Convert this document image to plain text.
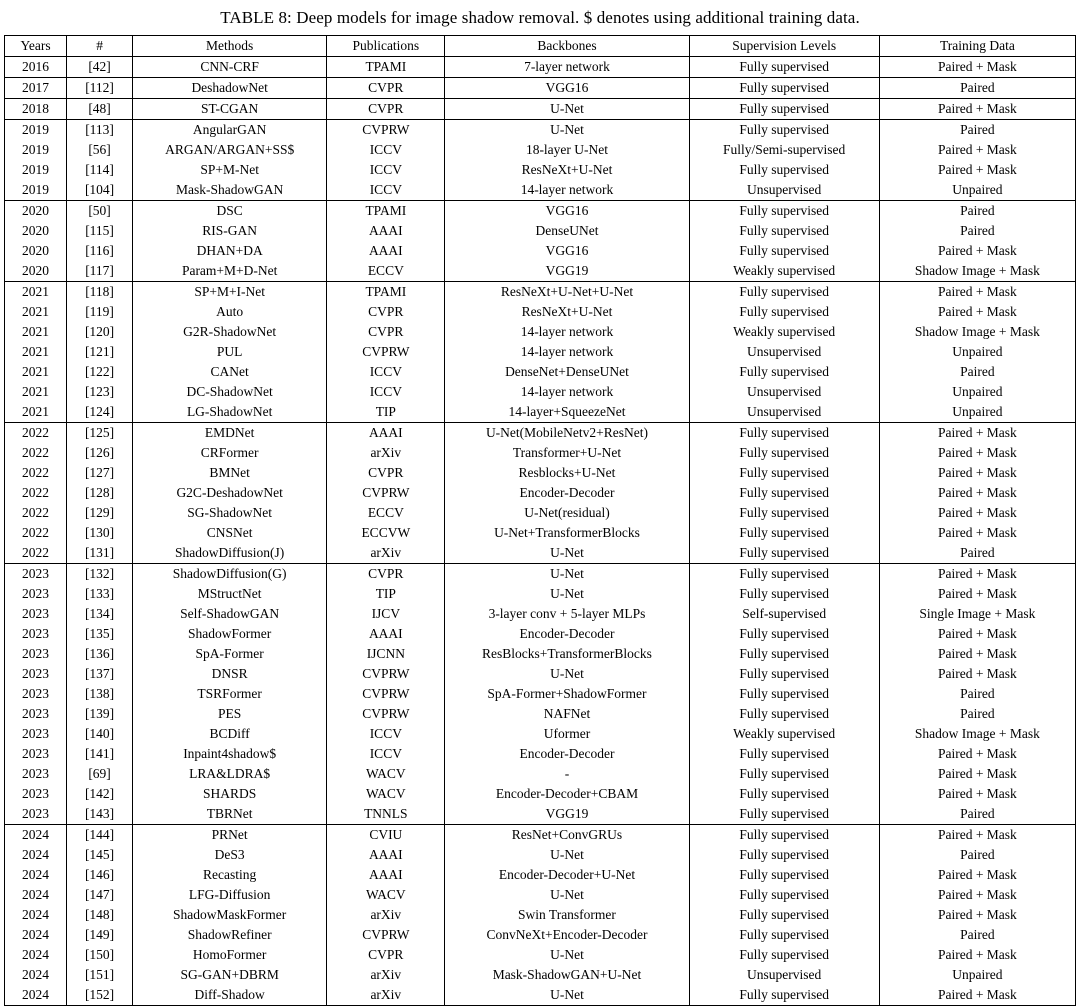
TABLE 8: Deep models for image shadow removal. $ denotes using additional training data.
Years	#	Methods	Publications	Backbones	Supervision Levels	Training Data
2016	[42]	CNN-CRF	TPAMI	7-layer network	Fully supervised	Paired + Mask
2017	[112]	DeshadowNet	CVPR	VGG16	Fully supervised	Paired
2018	[48]	ST-CGAN	CVPR	U-Net	Fully supervised	Paired + Mask
2019	[113]	AngularGAN	CVPRW	U-Net	Fully supervised	Paired
2019	[56]	ARGAN/ARGAN+SS$	ICCV	18-layer U-Net	Fully/Semi-supervised	Paired + Mask
2019	[114]	SP+M-Net	ICCV	ResNeXt+U-Net	Fully supervised	Paired + Mask
2019	[104]	Mask-ShadowGAN	ICCV	14-layer network	Unsupervised	Unpaired
2020	[50]	DSC	TPAMI	VGG16	Fully supervised	Paired
2020	[115]	RIS-GAN	AAAI	DenseUNet	Fully supervised	Paired
2020	[116]	DHAN+DA	AAAI	VGG16	Fully supervised	Paired + Mask
2020	[117]	Param+M+D-Net	ECCV	VGG19	Weakly supervised	Shadow Image + Mask
2021	[118]	SP+M+I-Net	TPAMI	ResNeXt+U-Net+U-Net	Fully supervised	Paired + Mask
2021	[119]	Auto	CVPR	ResNeXt+U-Net	Fully supervised	Paired + Mask
2021	[120]	G2R-ShadowNet	CVPR	14-layer network	Weakly supervised	Shadow Image + Mask
2021	[121]	PUL	CVPRW	14-layer network	Unsupervised	Unpaired
2021	[122]	CANet	ICCV	DenseNet+DenseUNet	Fully supervised	Paired
2021	[123]	DC-ShadowNet	ICCV	14-layer network	Unsupervised	Unpaired
2021	[124]	LG-ShadowNet	TIP	14-layer+SqueezeNet	Unsupervised	Unpaired
2022	[125]	EMDNet	AAAI	U-Net(MobileNetv2+ResNet)	Fully supervised	Paired + Mask
2022	[126]	CRFormer	arXiv	Transformer+U-Net	Fully supervised	Paired + Mask
2022	[127]	BMNet	CVPR	Resblocks+U-Net	Fully supervised	Paired + Mask
2022	[128]	G2C-DeshadowNet	CVPRW	Encoder-Decoder	Fully supervised	Paired + Mask
2022	[129]	SG-ShadowNet	ECCV	U-Net(residual)	Fully supervised	Paired + Mask
2022	[130]	CNSNet	ECCVW	U-Net+TransformerBlocks	Fully supervised	Paired + Mask
2022	[131]	ShadowDiffusion(J)	arXiv	U-Net	Fully supervised	Paired
2023	[132]	ShadowDiffusion(G)	CVPR	U-Net	Fully supervised	Paired + Mask
2023	[133]	MStructNet	TIP	U-Net	Fully supervised	Paired + Mask
2023	[134]	Self-ShadowGAN	IJCV	3-layer conv + 5-layer MLPs	Self-supervised	Single Image + Mask
2023	[135]	ShadowFormer	AAAI	Encoder-Decoder	Fully supervised	Paired + Mask
2023	[136]	SpA-Former	IJCNN	ResBlocks+TransformerBlocks	Fully supervised	Paired + Mask
2023	[137]	DNSR	CVPRW	U-Net	Fully supervised	Paired + Mask
2023	[138]	TSRFormer	CVPRW	SpA-Former+ShadowFormer	Fully supervised	Paired
2023	[139]	PES	CVPRW	NAFNet	Fully supervised	Paired
2023	[140]	BCDiff	ICCV	Uformer	Weakly supervised	Shadow Image + Mask
2023	[141]	Inpaint4shadow$	ICCV	Encoder-Decoder	Fully supervised	Paired + Mask
2023	[69]	LRA&LDRA$	WACV	-	Fully supervised	Paired + Mask
2023	[142]	SHARDS	WACV	Encoder-Decoder+CBAM	Fully supervised	Paired + Mask
2023	[143]	TBRNet	TNNLS	VGG19	Fully supervised	Paired
2024	[144]	PRNet	CVIU	ResNet+ConvGRUs	Fully supervised	Paired + Mask
2024	[145]	DeS3	AAAI	U-Net	Fully supervised	Paired
2024	[146]	Recasting	AAAI	Encoder-Decoder+U-Net	Fully supervised	Paired + Mask
2024	[147]	LFG-Diffusion	WACV	U-Net	Fully supervised	Paired + Mask
2024	[148]	ShadowMaskFormer	arXiv	Swin Transformer	Fully supervised	Paired + Mask
2024	[149]	ShadowRefiner	CVPRW	ConvNeXt+Encoder-Decoder	Fully supervised	Paired
2024	[150]	HomoFormer	CVPR	U-Net	Fully supervised	Paired + Mask
2024	[151]	SG-GAN+DBRM	arXiv	Mask-ShadowGAN+U-Net	Unsupervised	Unpaired
2024	[152]	Diff-Shadow	arXiv	U-Net	Fully supervised	Paired + Mask
